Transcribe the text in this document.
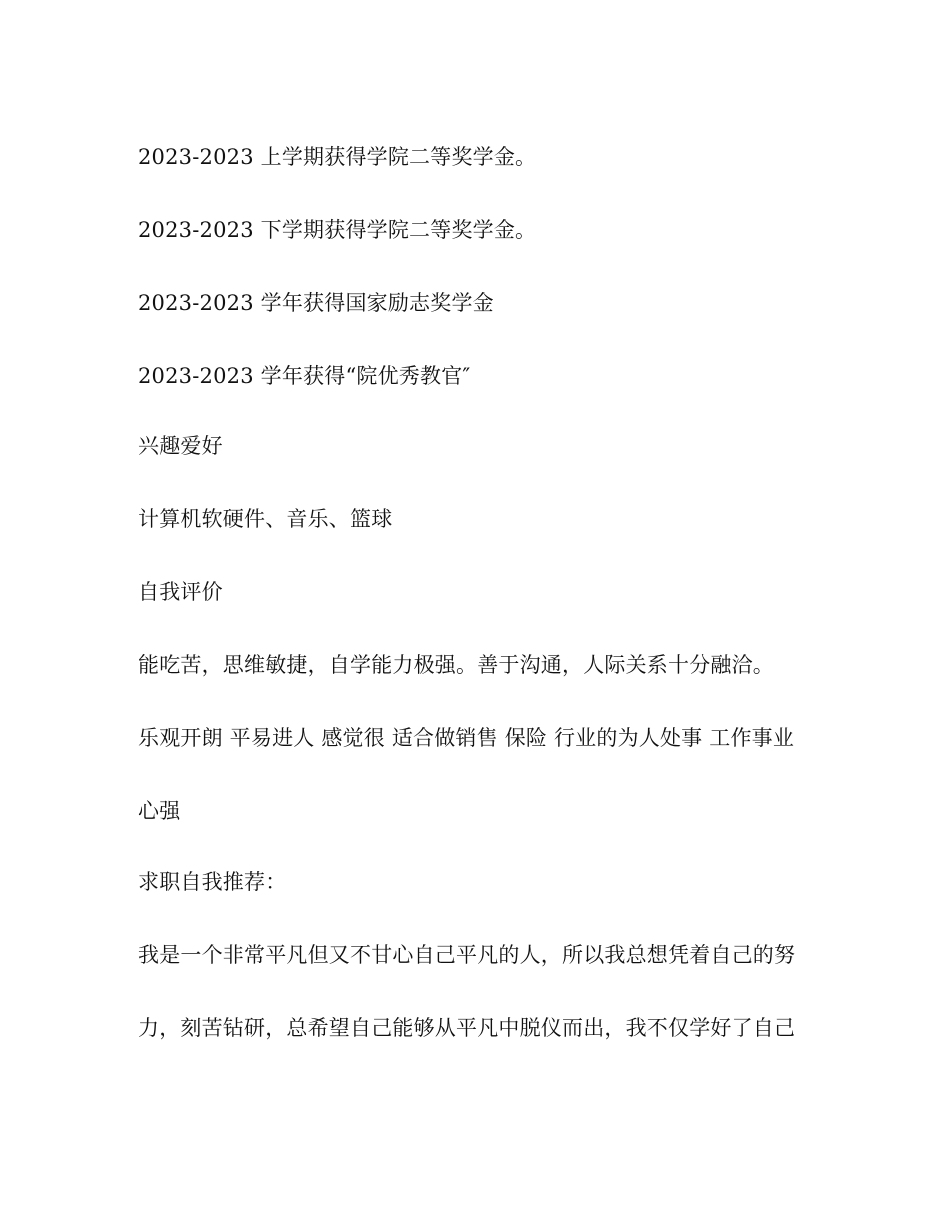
2023-2023 上学期获得学院二等奖学金。
2023-2023 下学期获得学院二等奖学金。
2023-2023 学年获得国家励志奖学金
2023-2023 学年获得“院优秀教官″
兴趣爱好
计算机软硬件、音乐、篮球
自我评价
能吃苦，思维敏捷，自学能力极强。善于沟通，人际关系十分融洽。
乐观开朗 平易进人 感觉很 适合做销售 保险 行业的为人处事 工作事业
心强
求职自我推荐：
我是一个非常平凡但又不甘心自己平凡的人，所以我总想凭着自己的努
力，刻苦钻研，总希望自己能够从平凡中脱仪而出，我不仅学好了自己
